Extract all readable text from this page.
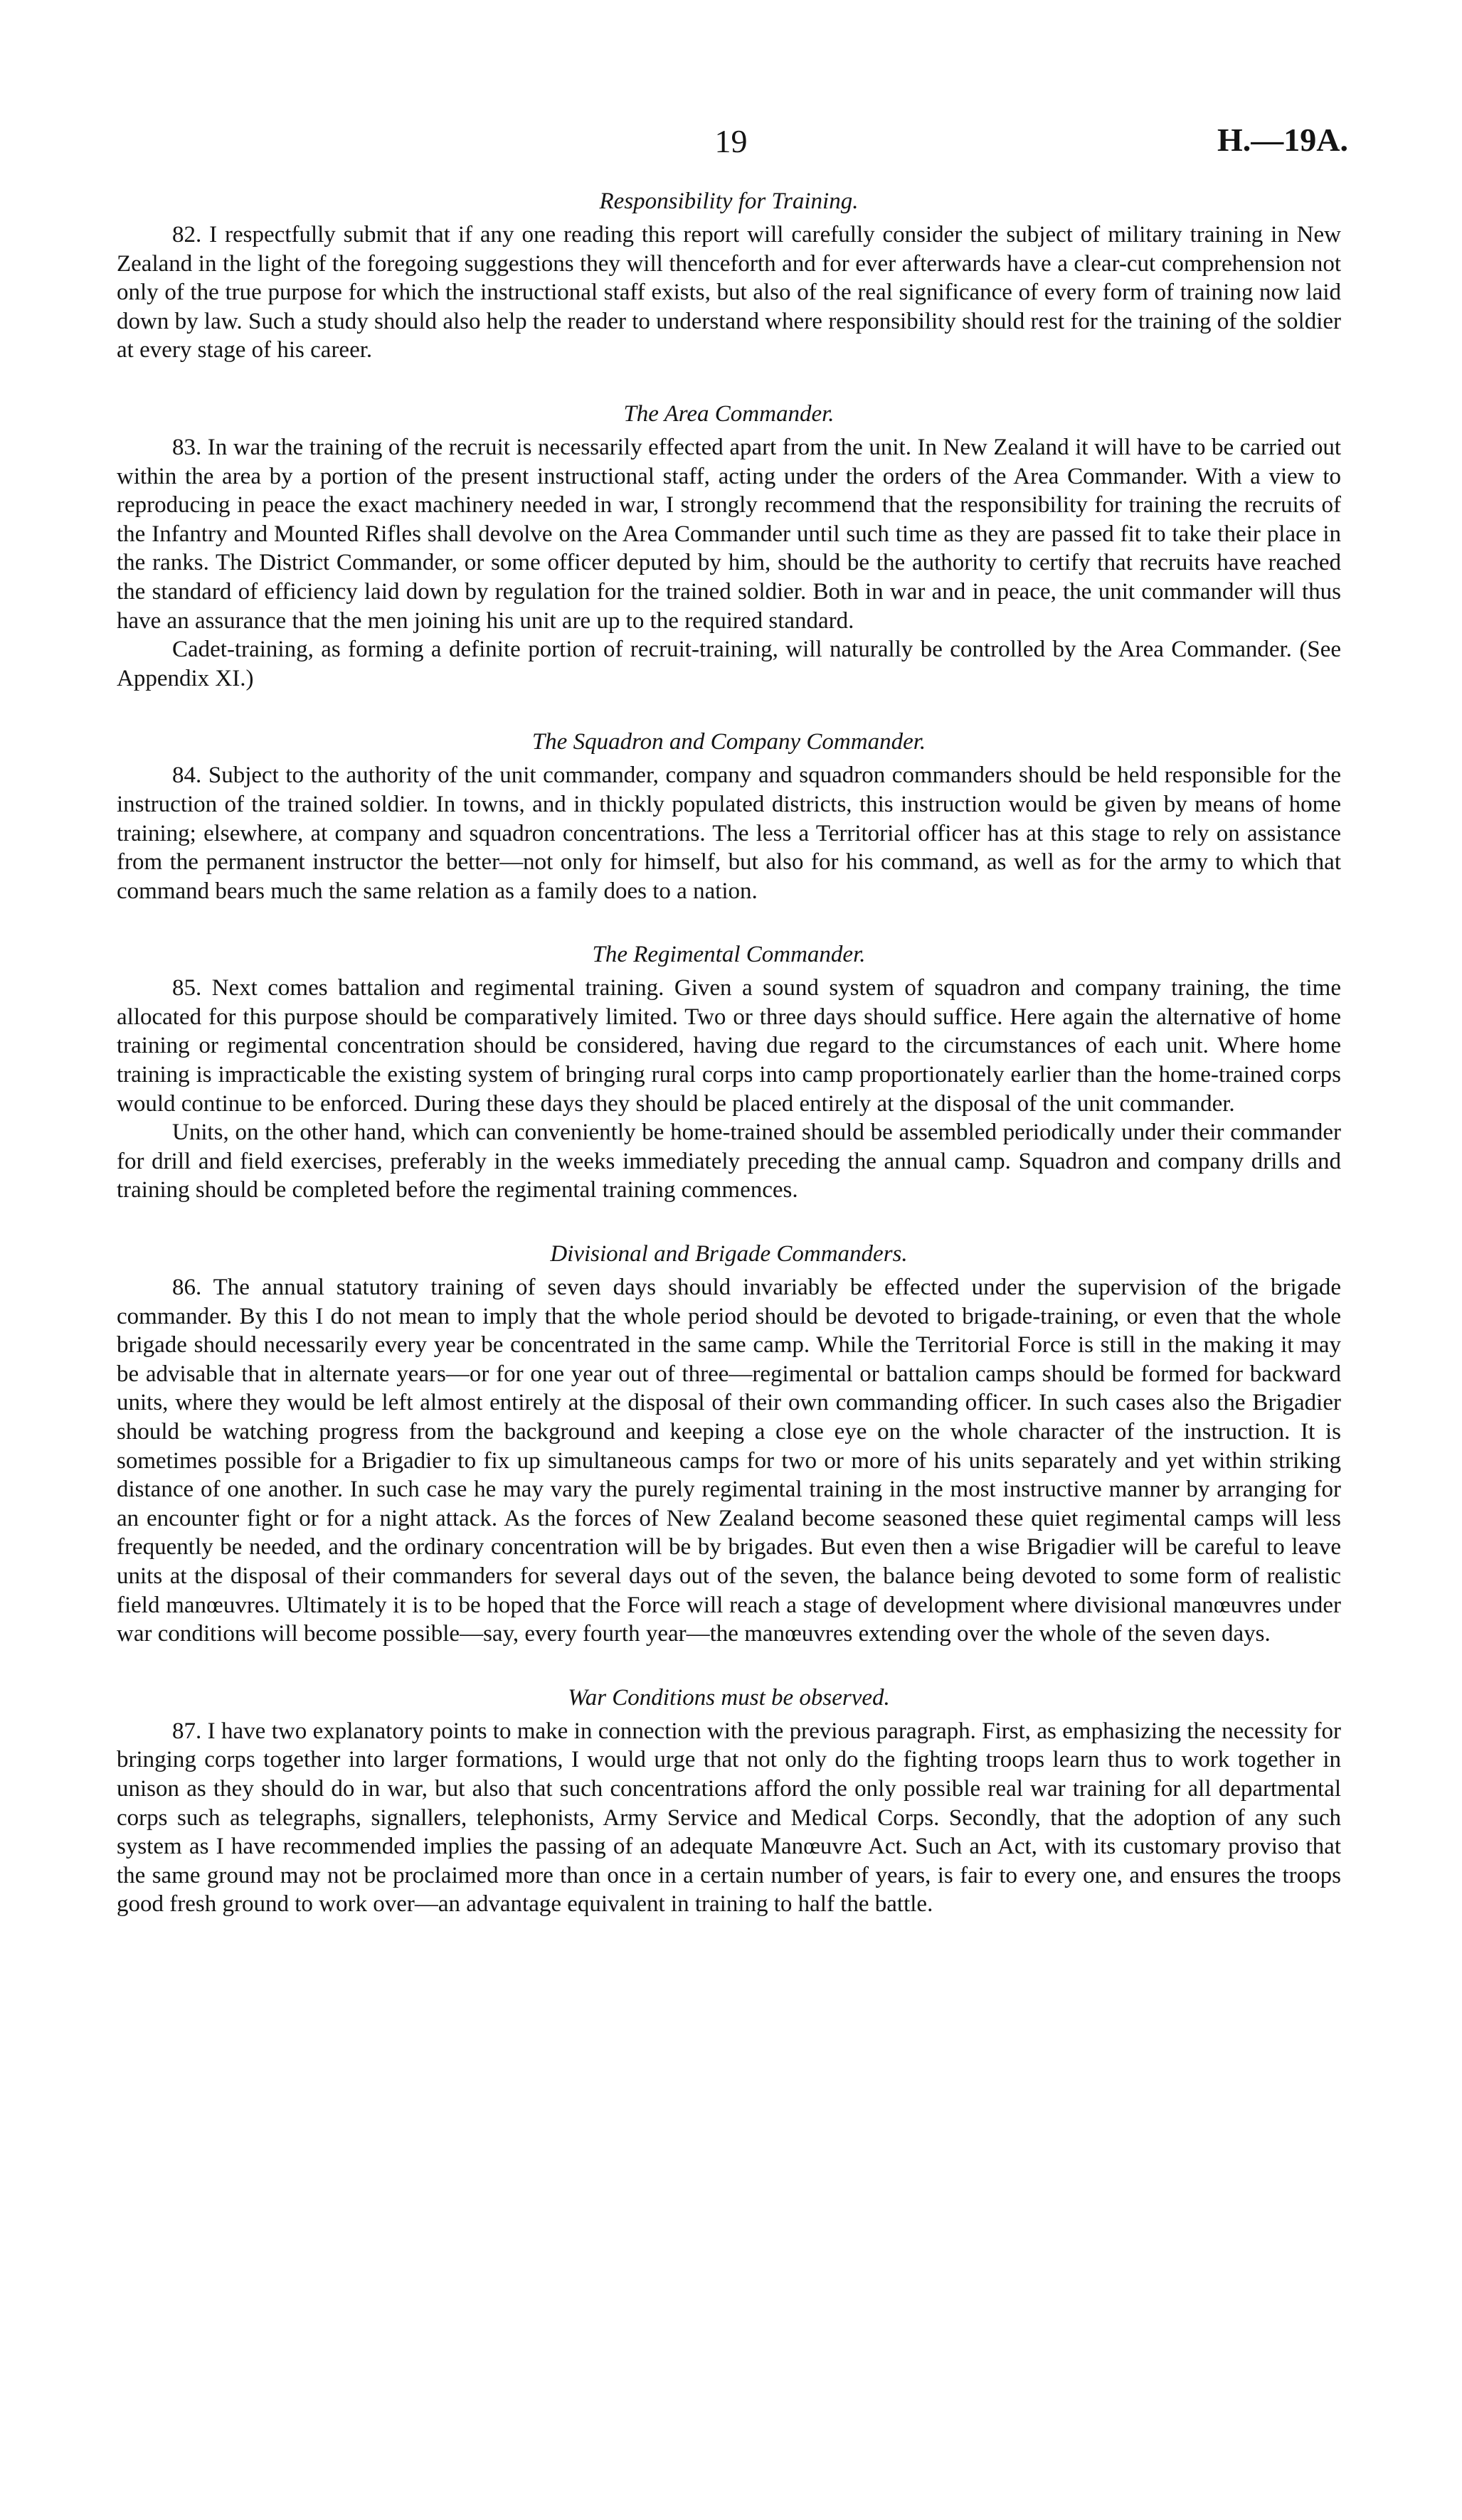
19	H.—19A.
Responsibility for Training.

82. I respectfully submit that if any one reading this report will carefully consider the subject of military training in New Zealand in the light of the foregoing suggestions they will thenceforth and for ever afterwards have a clear-cut comprehension not only of the true purpose for which the instructional staff exists, but also of the real significance of every form of training now laid down by law. Such a study should also help the reader to understand where responsibility should rest for the training of the soldier at every stage of his career.

The Area Commander.

83. In war the training of the recruit is necessarily effected apart from the unit. In New Zealand it will have to be carried out within the area by a portion of the present instructional staff, acting under the orders of the Area Commander. With a view to reproducing in peace the exact machinery needed in war, I strongly recommend that the responsibility for training the recruits of the Infantry and Mounted Rifles shall devolve on the Area Commander until such time as they are passed fit to take their place in the ranks. The District Commander, or some officer deputed by him, should be the authority to certify that recruits have reached the standard of efficiency laid down by regulation for the trained soldier. Both in war and in peace, the unit commander will thus have an assurance that the men joining his unit are up to the required standard.

Cadet-training, as forming a definite portion of recruit-training, will naturally be controlled by the Area Commander. (See Appendix XI.)

The Squadron and Company Commander.

84. Subject to the authority of the unit commander, company and squadron commanders should be held responsible for the instruction of the trained soldier. In towns, and in thickly populated districts, this instruction would be given by means of home training; elsewhere, at company and squadron concentrations. The less a Territorial officer has at this stage to rely on assistance from the permanent instructor the better—not only for himself, but also for his command, as well as for the army to which that command bears much the same relation as a family does to a nation.

The Regimental Commander.

85. Next comes battalion and regimental training. Given a sound system of squadron and company training, the time allocated for this purpose should be comparatively limited. Two or three days should suffice. Here again the alternative of home training or regimental concentration should be considered, having due regard to the circumstances of each unit. Where home training is impracticable the existing system of bringing rural corps into camp proportionately earlier than the home-trained corps would continue to be enforced. During these days they should be placed entirely at the disposal of the unit commander.

Units, on the other hand, which can conveniently be home-trained should be assembled periodically under their commander for drill and field exercises, preferably in the weeks immediately preceding the annual camp. Squadron and company drills and training should be completed before the regimental training commences.

Divisional and Brigade Commanders.

86. The annual statutory training of seven days should invariably be effected under the supervision of the brigade commander. By this I do not mean to imply that the whole period should be devoted to brigade-training, or even that the whole brigade should necessarily every year be concentrated in the same camp. While the Territorial Force is still in the making it may be advisable that in alternate years—or for one year out of three—regimental or battalion camps should be formed for backward units, where they would be left almost entirely at the disposal of their own commanding officer. In such cases also the Brigadier should be watching progress from the background and keeping a close eye on the whole character of the instruction. It is sometimes possible for a Brigadier to fix up simultaneous camps for two or more of his units separately and yet within striking distance of one another. In such case he may vary the purely regimental training in the most instructive manner by arranging for an encounter fight or for a night attack. As the forces of New Zealand become seasoned these quiet regimental camps will less frequently be needed, and the ordinary concentration will be by brigades. But even then a wise Brigadier will be careful to leave units at the disposal of their commanders for several days out of the seven, the balance being devoted to some form of realistic field manœuvres. Ultimately it is to be hoped that the Force will reach a stage of development where divisional manœuvres under war conditions will become possible—say, every fourth year—the manœuvres extending over the whole of the seven days.

War Conditions must be observed.

87. I have two explanatory points to make in connection with the previous paragraph. First, as emphasizing the necessity for bringing corps together into larger formations, I would urge that not only do the fighting troops learn thus to work together in unison as they should do in war, but also that such concentrations afford the only possible real war training for all departmental corps such as telegraphs, signallers, telephonists, Army Service and Medical Corps. Secondly, that the adoption of any such system as I have recommended implies the passing of an adequate Manœuvre Act. Such an Act, with its customary proviso that the same ground may not be proclaimed more than once in a certain number of years, is fair to every one, and ensures the troops good fresh ground to work over—an advantage equivalent in training to half the battle.
